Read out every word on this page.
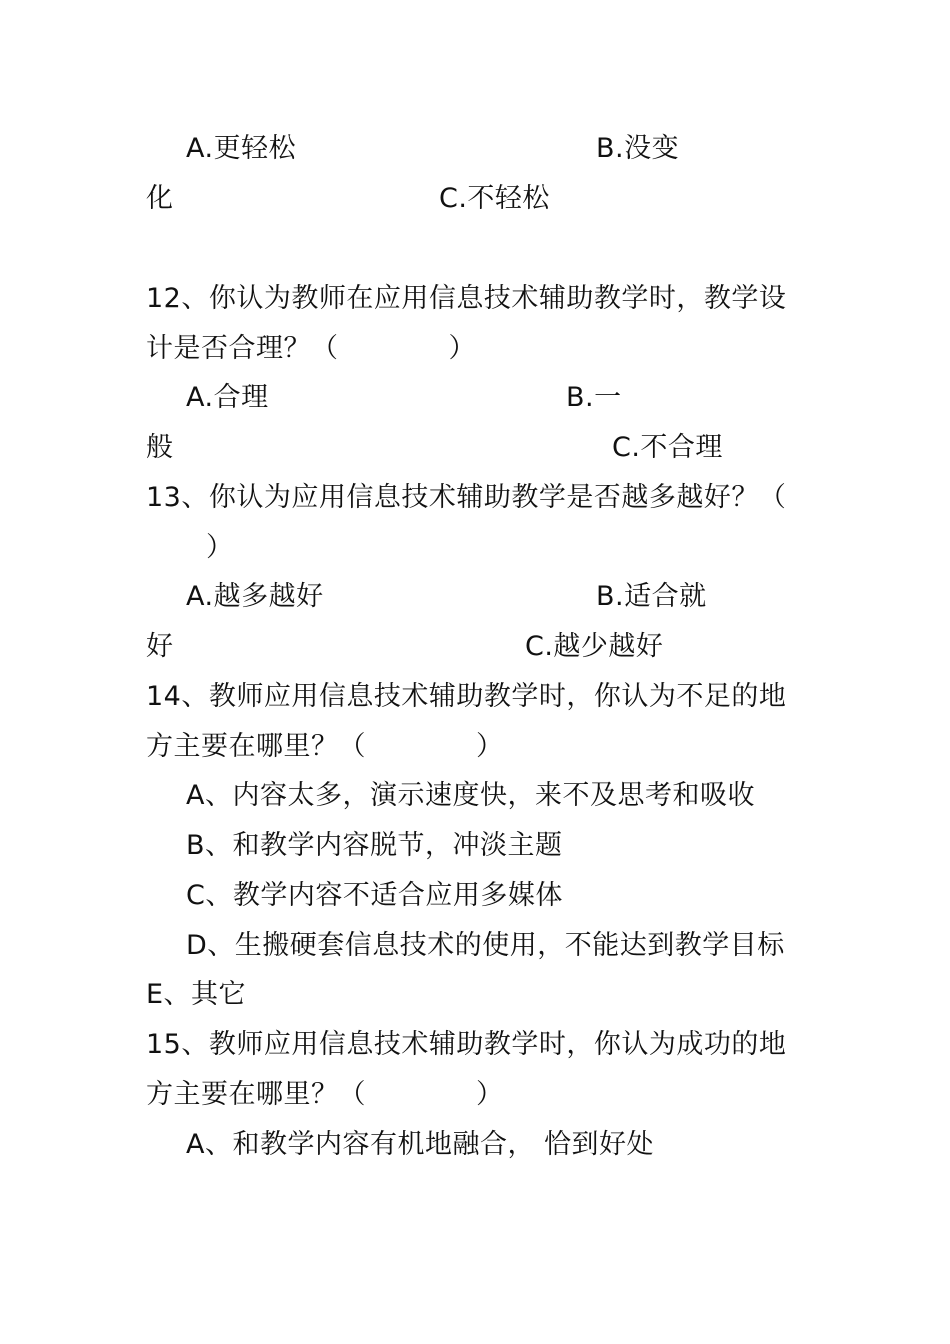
A.更轻松	B.没变
化	C.不轻松
12、你认为教师在应用信息技术辅助教学时，教学设
计是否合理？（　　　　）
A.合理	B.一
般	C.不合理
13、你认为应用信息技术辅助教学是否越多越好？（
）
A.越多越好	B.适合就
好	C.越少越好
14、教师应用信息技术辅助教学时，你认为不足的地
方主要在哪里？（　　　　）
A、内容太多，演示速度快，来不及思考和吸收
B、和教学内容脱节，冲淡主题
C、教学内容不适合应用多媒体
D、生搬硬套信息技术的使用，不能达到教学目标
E、其它
15、教师应用信息技术辅助教学时，你认为成功的地
方主要在哪里？（　　　　）
A、和教学内容有机地融合， 恰到好处
